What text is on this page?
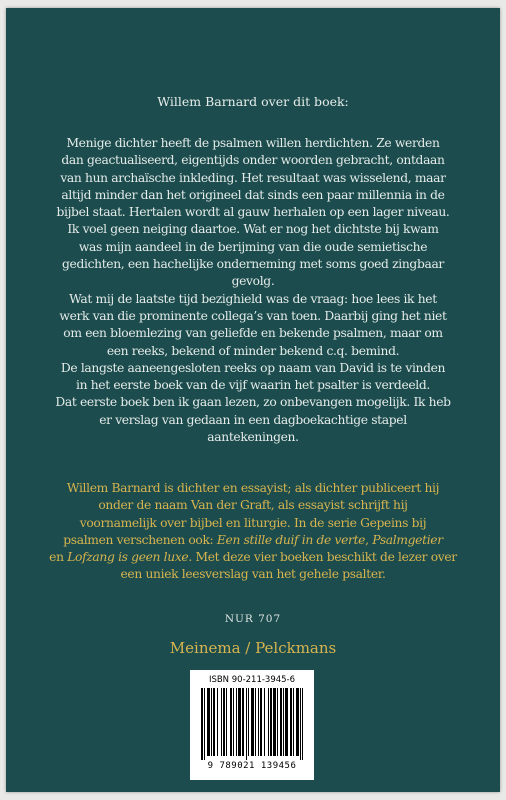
Willem Barnard over dit boek:

Menige dichter heeft de psalmen willen herdichten. Ze werden

dan geactualiseerd, eigentijds onder woorden gebracht, ontdaan

van hun archaïsche inkleding. Het resultaat was wisselend, maar

altijd minder dan het origineel dat sinds een paar millennia in de

bijbel staat. Hertalen wordt al gauw herhalen op een lager niveau.

Ik voel geen neiging daartoe. Wat er nog het dichtste bij kwam

was mijn aandeel in de berijming van die oude semietische

gedichten, een hachelijke onderneming met soms goed zingbaar

gevolg.

Wat mij de laatste tijd bezighield was de vraag: hoe lees ik het

werk van die prominente collega’s van toen. Daarbij ging het niet

om een bloemlezing van geliefde en bekende psalmen, maar om

een reeks, bekend of minder bekend c.q. bemind.

De langste aaneengesloten reeks op naam van David is te vinden

in het eerste boek van de vijf waarin het psalter is verdeeld.

Dat eerste boek ben ik gaan lezen, zo onbevangen mogelijk. Ik heb

er verslag van gedaan in een dagboekachtige stapel

aantekeningen.

Willem Barnard is dichter en essayist; als dichter publiceert hij

onder de naam Van der Graft, als essayist schrijft hij

voornamelijk over bijbel en liturgie. In de serie Gepeins bij

psalmen verschenen ook: Een stille duif in de verte, Psalmgetier

en Lofzang is geen luxe. Met deze vier boeken beschikt de lezer over

een uniek leesverslag van het gehele psalter.

NUR 707
Meinema / Pelckmans
ISBN 90-211-3945-6
9 789021 139456
